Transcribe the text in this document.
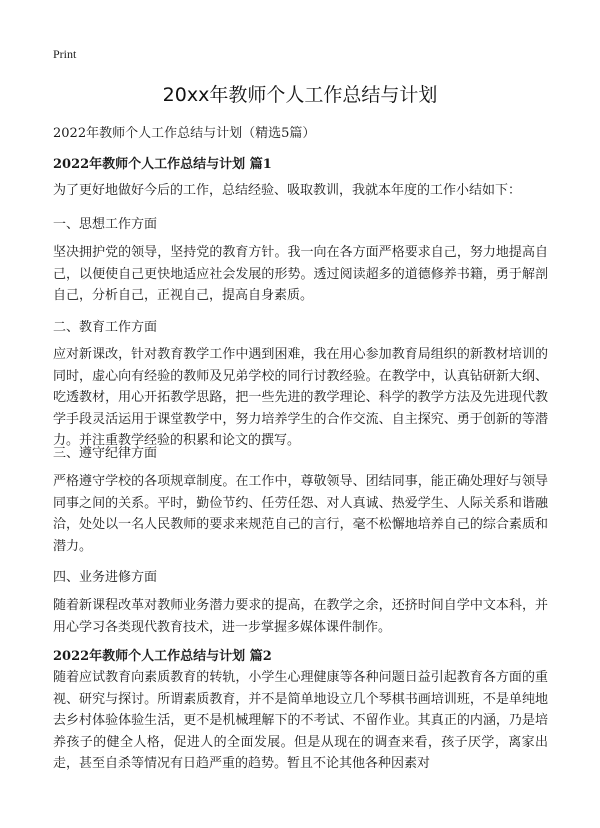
Print
20xx年教师个人工作总结与计划

2022年教师个人工作总结与计划（精选5篇）

2022年教师个人工作总结与计划 篇1

为了更好地做好今后的工作，总结经验、吸取教训，我就本年度的工作小结如下：

一、思想工作方面

坚决拥护党的领导，坚持党的教育方针。我一向在各方面严格要求自己，努力地提高自己，以便使自己更快地适应社会发展的形势。透过阅读超多的道德修养书籍，勇于解剖自己，分析自己，正视自己，提高自身素质。

二、教育工作方面

应对新课改，针对教育教学工作中遇到困难，我在用心参加教育局组织的新教材培训的同时，虚心向有经验的教师及兄弟学校的同行讨教经验。在教学中，认真钻研新大纲、吃透教材，用心开拓教学思路，把一些先进的教学理论、科学的教学方法及先进现代教学手段灵活运用于课堂教学中，努力培养学生的合作交流、自主探究、勇于创新的等潜力。并注重教学经验的积累和论文的撰写。

三、遵守纪律方面

严格遵守学校的各项规章制度。在工作中，尊敬领导、团结同事，能正确处理好与领导同事之间的关系。平时，勤俭节约、任劳任怨、对人真诚、热爱学生、人际关系和谐融洽，处处以一名人民教师的要求来规范自己的言行，毫不松懈地培养自己的综合素质和潜力。

四、业务进修方面

随着新课程改革对教师业务潜力要求的提高，在教学之余，还挤时间自学中文本科，并用心学习各类现代教育技术，进一步掌握多媒体课件制作。

2022年教师个人工作总结与计划 篇2

随着应试教育向素质教育的转轨，小学生心理健康等各种问题日益引起教育各方面的重视、研究与探讨。所谓素质教育，并不是简单地设立几个琴棋书画培训班，不是单纯地去乡村体验体验生活，更不是机械理解下的不考试、不留作业。其真正的内涵，乃是培养孩子的健全人格，促进人的全面发展。但是从现在的调查来看，孩子厌学，离家出走，甚至自杀等情况有日趋严重的趋势。暂且不论其他各种因素对
